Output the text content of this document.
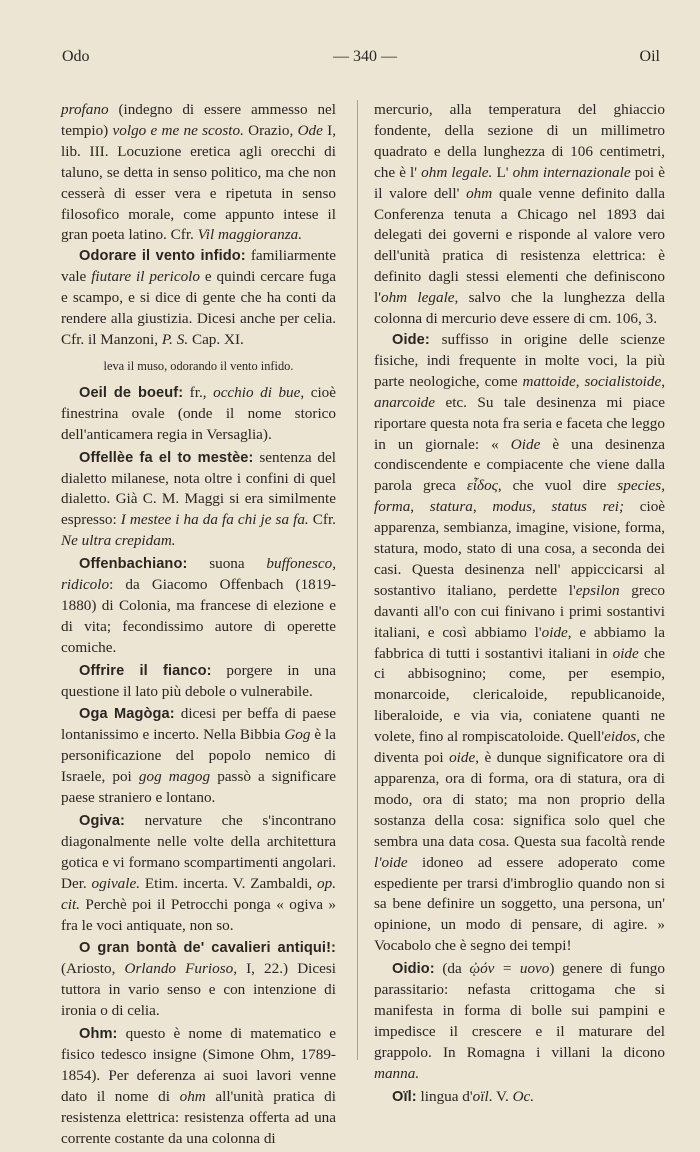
Odo	— 340 —	Oil

profano (indegno di essere ammesso nel tempio) volgo e me ne scosto. Orazio, Ode I, lib. III. Locuzione eretica agli orecchi di taluno, se detta in senso politico, ma che non cesserà di esser vera e ripetuta in senso filosofico morale, come appunto intese il gran poeta latino. Cfr. Vil maggioranza.

Odorare il vento infido: familiarmente vale fiutare il pericolo e quindi cercare fuga e scampo, e si dice di gente che ha conti da rendere alla giustizia. Dicesi anche per celia. Cfr. il Manzoni, P. S. Cap. XI.

leva il muso, odorando il vento infido.

Oeil de boeuf: fr., occhio di bue, cioè finestrina ovale (onde il nome storico dell'anticamera regia in Versaglia).

Offellèe fa el to mestèe: sentenza del dialetto milanese, nota oltre i confini di quel dialetto. Già C. M. Maggi si era similmente espresso: I mestee i ha da fa chi je sa fa. Cfr. Ne ultra crepidam.

Offenbachiano: suona buffonesco, ridicolo: da Giacomo Offenbach (1819-1880) di Colonia, ma francese di elezione e di vita; fecondissimo autore di operette comiche.

Offrire il fianco: porgere in una questione il lato più debole o vulnerabile.

Oga Magòga: dicesi per beffa di paese lontanissimo e incerto. Nella Bibbia Gog è la personificazione del popolo nemico di Israele, poi gog magog passò a significare paese straniero e lontano.

Ogiva: nervature che s'incontrano diagonalmente nelle volte della architettura gotica e vi formano scompartimenti angolari. Der. ogivale. Etim. incerta. V. Zambaldi, op. cit. Perchè poi il Petrocchi ponga « ogiva » fra le voci antiquate, non so.

O gran bontà de' cavalieri antiqui!: (Ariosto, Orlando Furioso, I, 22.) Dicesi tuttora in vario senso e con intenzione di ironia o di celia.

Ohm: questo è nome di matematico e fisico tedesco insigne (Simone Ohm, 1789-1854). Per deferenza ai suoi lavori venne dato il nome di ohm all'unità pratica di resistenza elettrica: resistenza offerta ad una corrente costante da una colonna di

mercurio, alla temperatura del ghiaccio fondente, della sezione di un millimetro quadrato e della lunghezza di 106 centimetri, che è l' ohm legale. L' ohm internazionale poi è il valore dell' ohm quale venne definito dalla Conferenza tenuta a Chicago nel 1893 dai delegati dei governi e risponde al valore vero dell'unità pratica di resistenza elettrica: è definito dagli stessi elementi che definiscono l'ohm legale, salvo che la lunghezza della colonna di mercurio deve essere di cm. 106, 3.

Oide: suffisso in origine delle scienze fisiche, indi frequente in molte voci, la più parte neologiche, come mattoide, socialistoide, anarcoide etc. Su tale desinenza mi piace riportare questa nota fra seria e faceta che leggo in un giornale: « Oide è una desinenza condiscendente e compiacente che viene dalla parola greca εἶδος, che vuol dire species, forma, statura, modus, status rei; cioè apparenza, sembianza, imagine, visione, forma, statura, modo, stato di una cosa, a seconda dei casi. Questa desinenza nell' appiccicarsi al sostantivo italiano, perdette l'epsilon greco davanti all'o con cui finivano i primi sostantivi italiani, e così abbiamo l'oide, e abbiamo la fabbrica di tutti i sostantivi italiani in oide che ci abbisognino; come, per esempio, monarcoide, clericaloide, republicanoide, liberaloide, e via via, coniatene quanti ne volete, fino al rompiscatoloide. Quell'eidos, che diventa poi oide, è dunque significatore ora di apparenza, ora di forma, ora di statura, ora di modo, ora di stato; ma non proprio della sostanza della cosa: significa solo quel che sembra una data cosa. Questa sua facoltà rende l'oide idoneo ad essere adoperato come espediente per trarsi d'imbroglio quando non si sa bene definire un soggetto, una persona, un' opinione, un modo di pensare, di agire. » Vocabolo che è segno dei tempi!

Oidio: (da ᾠόν = uovo) genere di fungo parassitario: nefasta crittogama che si manifesta in forma di bolle sui pampini e impedisce il crescere e il maturare del grappolo. In Romagna i villani la dicono manna.

Oïl: lingua d'oïl. V. Oc.
